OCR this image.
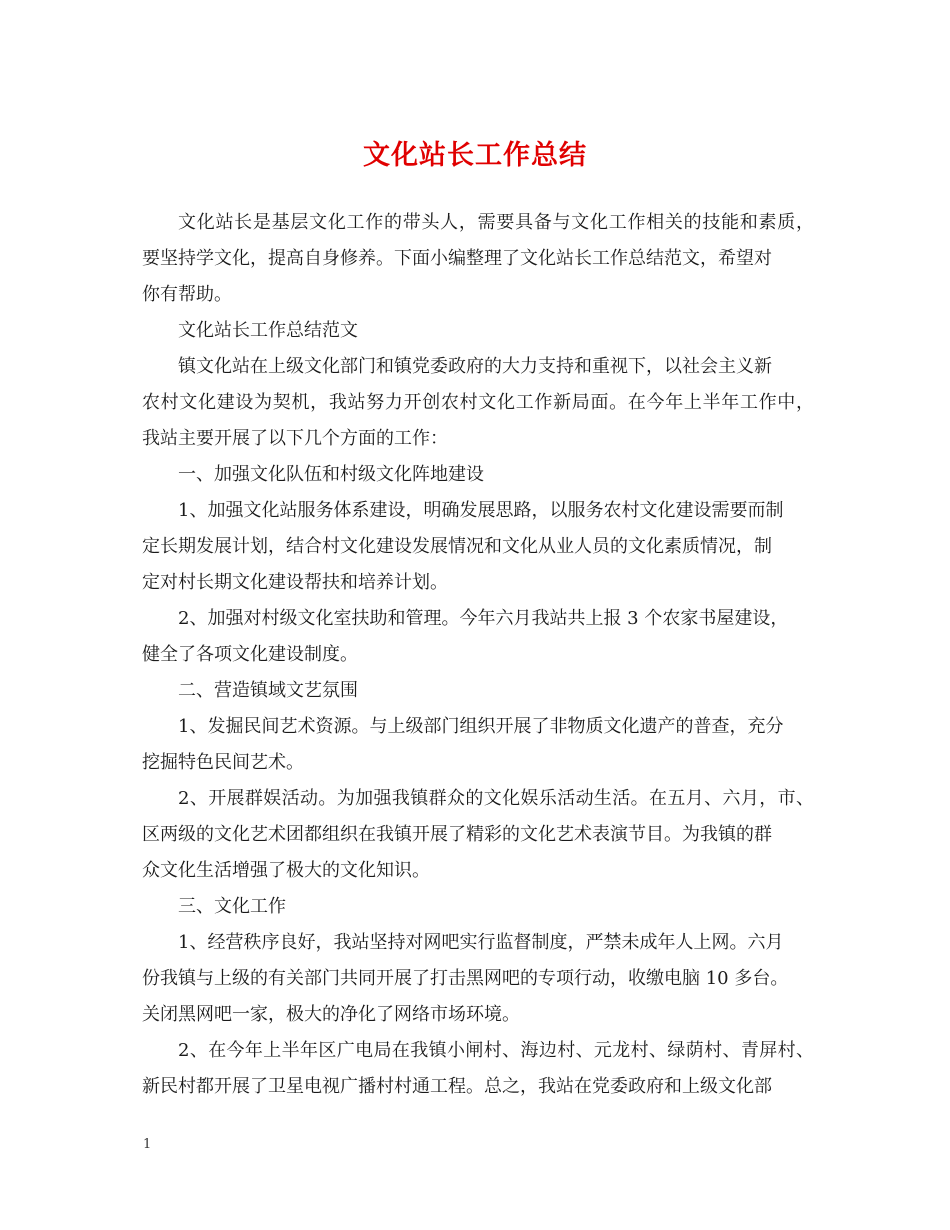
文化站长工作总结
文化站长是基层文化工作的带头人，需要具备与文化工作相关的技能和素质，
要坚持学文化，提高自身修养。下面小编整理了文化站长工作总结范文，希望对
你有帮助。
文化站长工作总结范文
镇文化站在上级文化部门和镇党委政府的大力支持和重视下，以社会主义新
农村文化建设为契机，我站努力开创农村文化工作新局面。在今年上半年工作中，
我站主要开展了以下几个方面的工作：
一、加强文化队伍和村级文化阵地建设
1、加强文化站服务体系建设，明确发展思路，以服务农村文化建设需要而制
定长期发展计划，结合村文化建设发展情况和文化从业人员的文化素质情况，制
定对村长期文化建设帮扶和培养计划。
2、加强对村级文化室扶助和管理。今年六月我站共上报 3 个农家书屋建设，
健全了各项文化建设制度。
二、营造镇域文艺氛围
1、发掘民间艺术资源。与上级部门组织开展了非物质文化遗产的普查，充分
挖掘特色民间艺术。
2、开展群娱活动。为加强我镇群众的文化娱乐活动生活。在五月、六月，市、
区两级的文化艺术团都组织在我镇开展了精彩的文化艺术表演节目。为我镇的群
众文化生活增强了极大的文化知识。
三、文化工作
1、经营秩序良好，我站坚持对网吧实行监督制度，严禁未成年人上网。六月
份我镇与上级的有关部门共同开展了打击黑网吧的专项行动，收缴电脑 10 多台。
关闭黑网吧一家，极大的净化了网络市场环境。
2、在今年上半年区广电局在我镇小闸村、海边村、元龙村、绿荫村、青屏村、
新民村都开展了卫星电视广播村村通工程。总之，我站在党委政府和上级文化部
1
